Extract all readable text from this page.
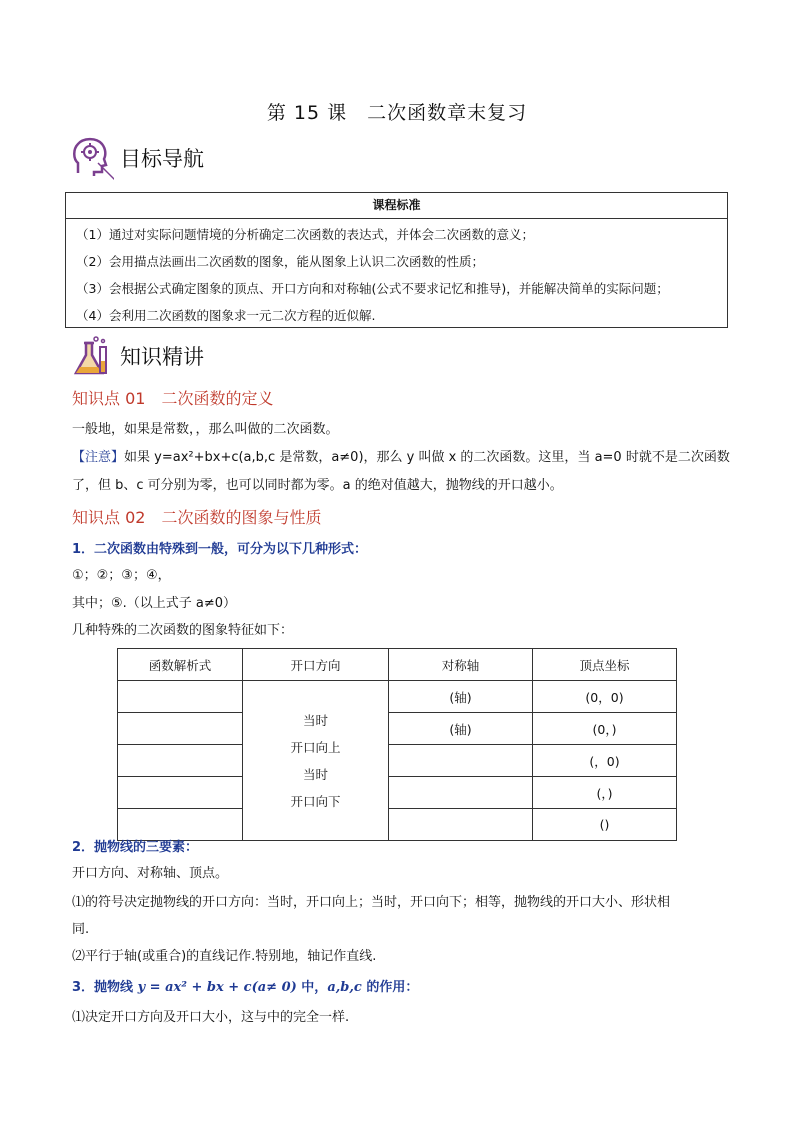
第 15 课　二次函数章末复习
目标导航
课程标准
（1）通过对实际问题情境的分析确定二次函数的表达式，并体会二次函数的意义；
（2）会用描点法画出二次函数的图象，能从图象上认识二次函数的性质；
（3）会根据公式确定图象的顶点、开口方向和对称轴(公式不要求记忆和推导)，并能解决简单的实际问题；
（4）会利用二次函数的图象求一元二次方程的近似解.
知识精讲
知识点 01　二次函数的定义
一般地，如果是常数，，那么叫做的二次函数。
【注意】如果 y=ax²+bx+c(a,b,c 是常数，a≠0)，那么 y 叫做 x 的二次函数。这里，当 a=0 时就不是二次函数
了，但 b、c 可分别为零，也可以同时都为零。a 的绝对值越大，抛物线的开口越小。
知识点 02　二次函数的图象与性质
1．二次函数由特殊到一般，可分为以下几种形式：
①；②；③；④，
其中；⑤.（以上式子 a≠0）
几种特殊的二次函数的图象特征如下：
函数解析式	开口方向	对称轴	顶点坐标

	当时
开口向上
当时
开口向下	(轴)	(0，0)
		(轴)	(0，)
			(，0)
			(，)
			()
2．抛物线的三要素：
开口方向、对称轴、顶点。
⑴的符号决定抛物线的开口方向：当时，开口向上；当时，开口向下；相等，抛物线的开口大小、形状相
同.
⑵平行于轴(或重合)的直线记作.特别地，轴记作直线.
3．抛物线 y = ax² + bx + c(a≠ 0) 中，a,b,c 的作用：
⑴决定开口方向及开口大小，这与中的完全一样.
